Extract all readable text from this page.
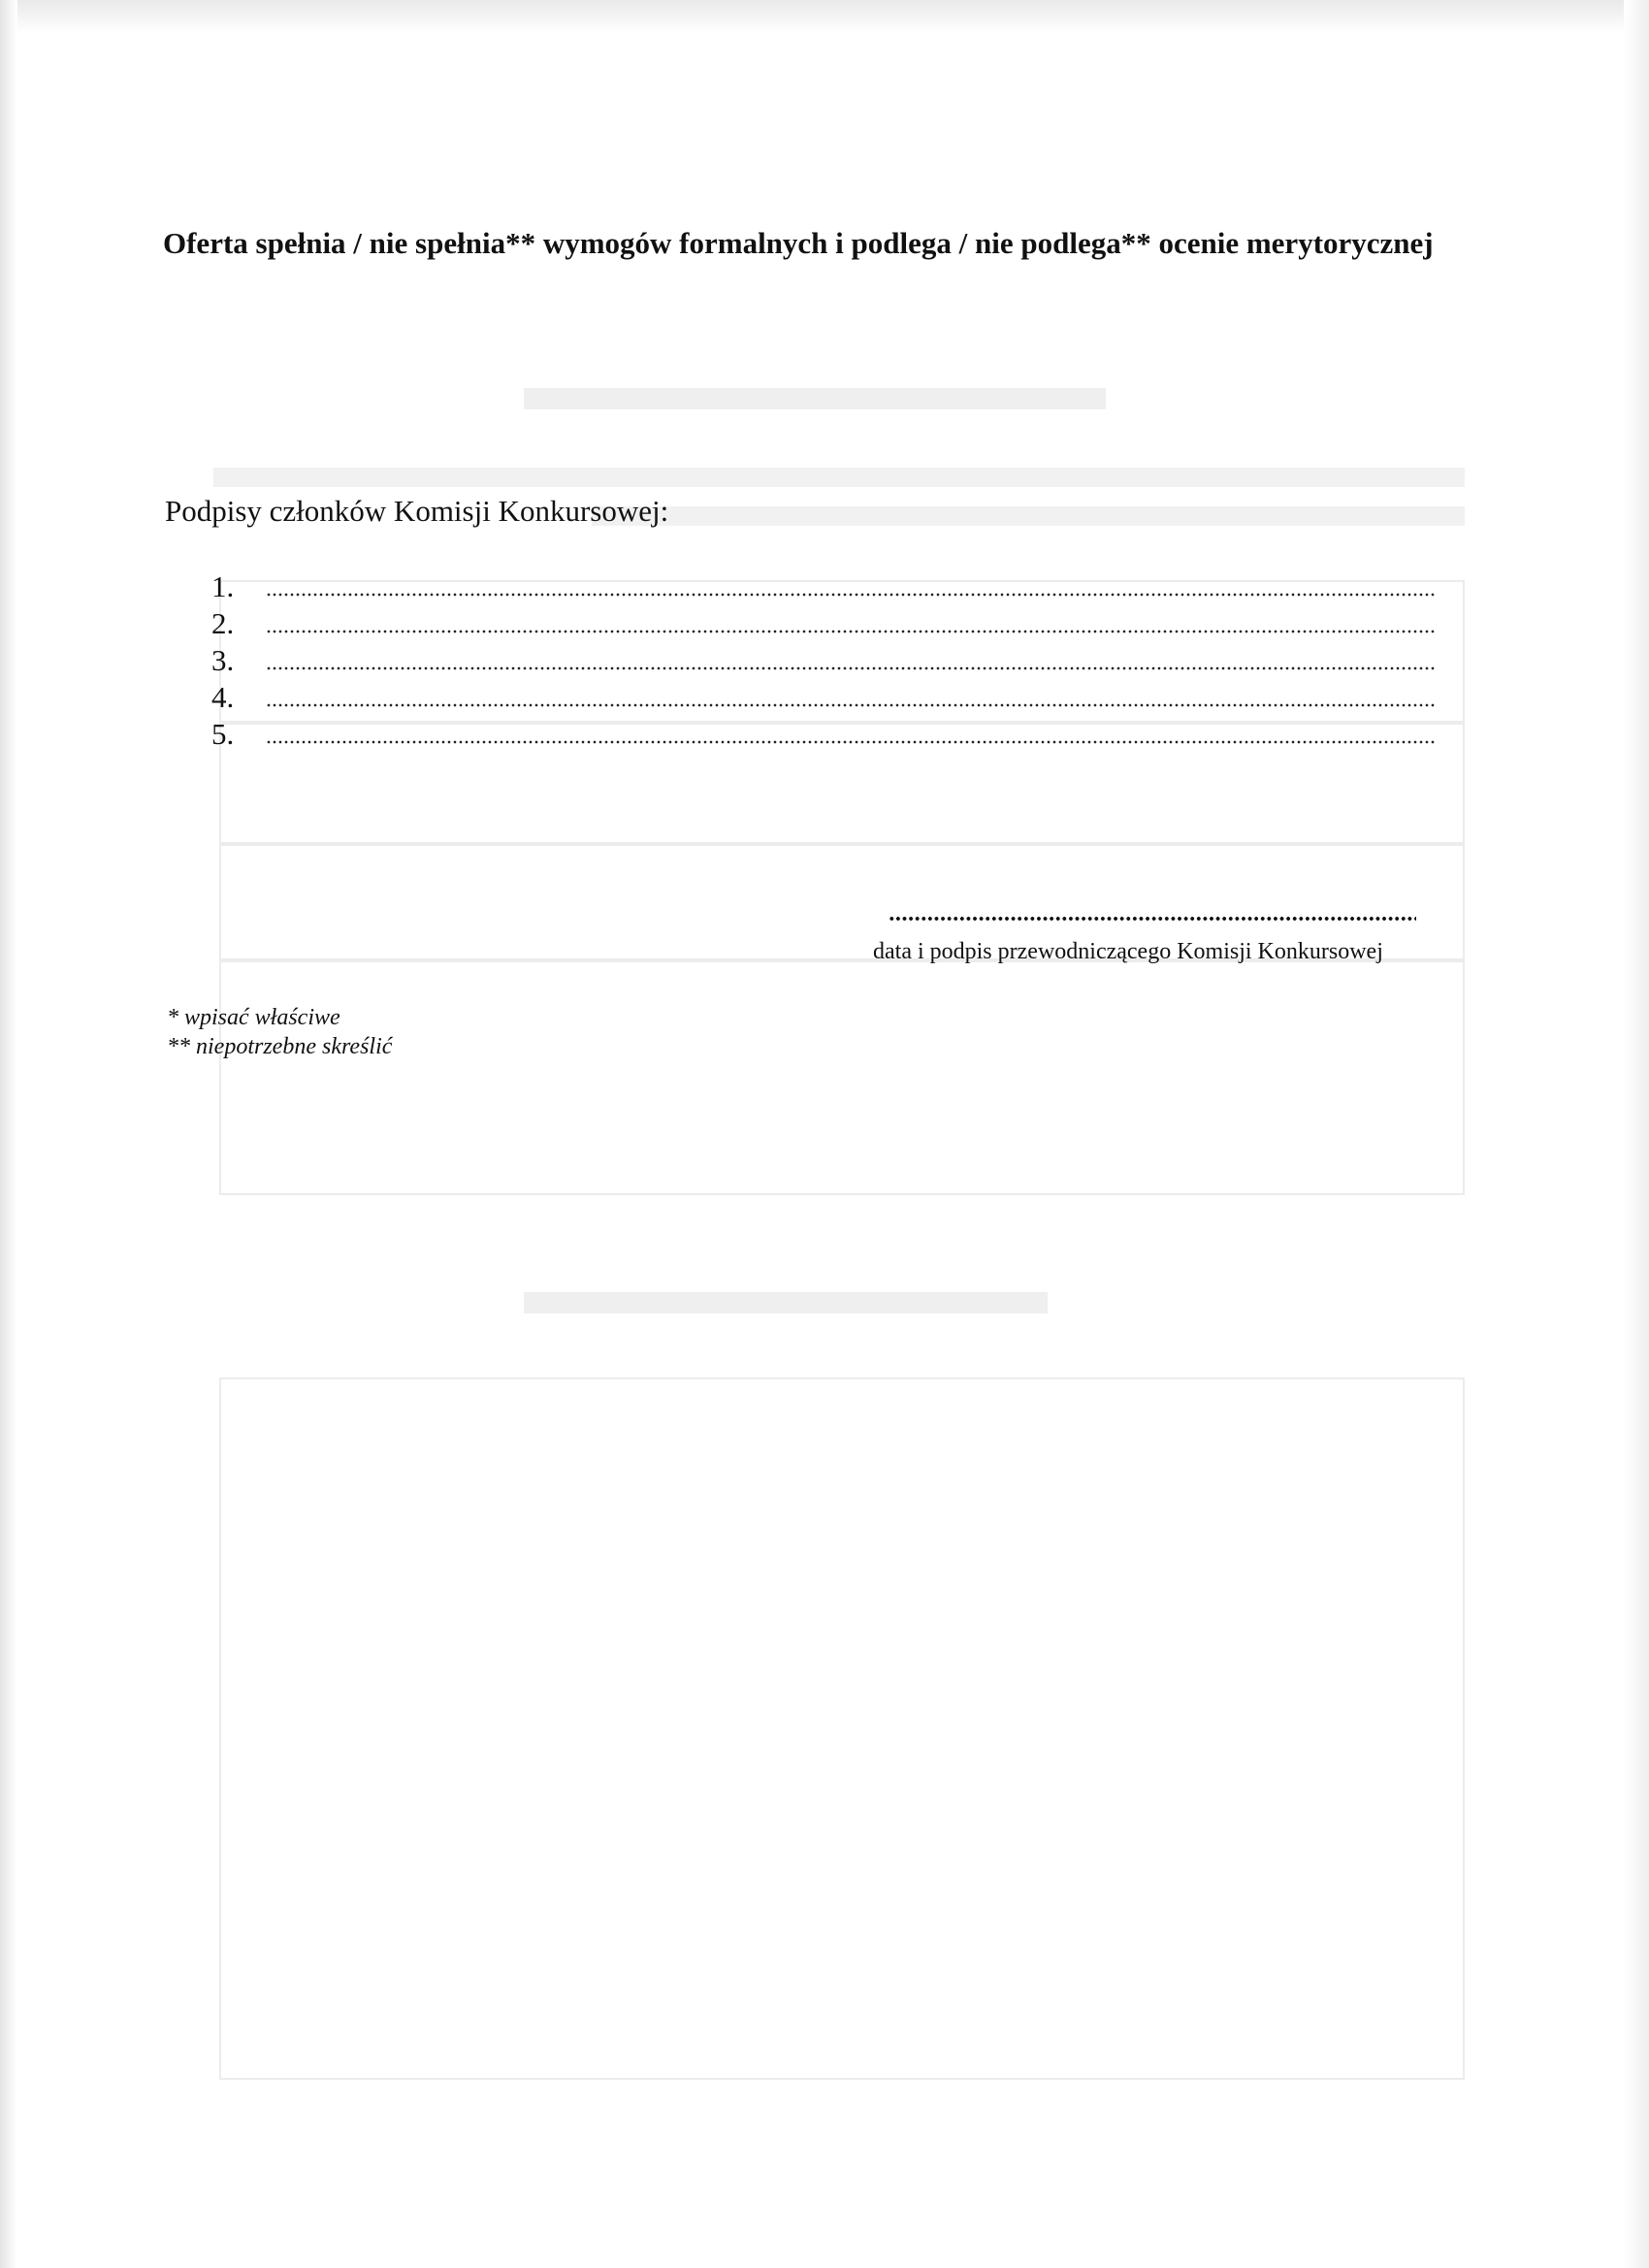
Oferta spełnia / nie spełnia** wymogów formalnych i podlega / nie podlega** ocenie merytorycznej
Podpisy członków Komisji Konkursowej:
1.
2.
3.
4.
5.
data i podpis przewodniczącego Komisji Konkursowej
* wpisać właściwe
** niepotrzebne skreślić
